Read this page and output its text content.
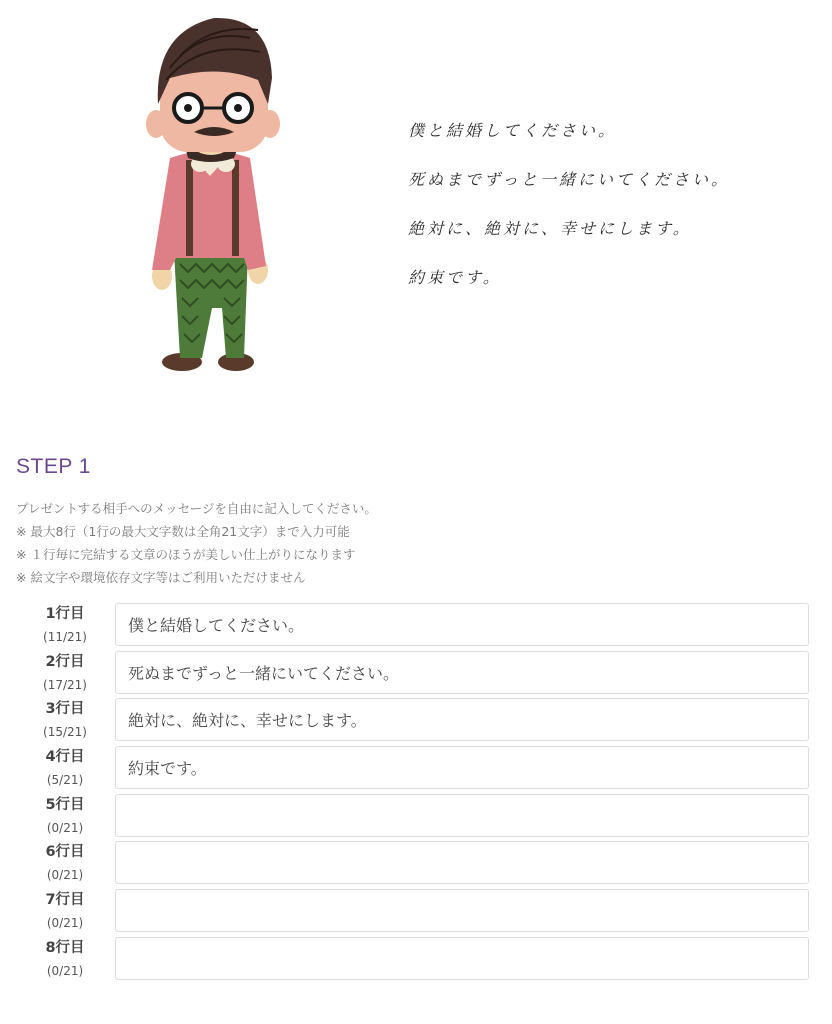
僕と結婚してください。
死ぬまでずっと一緒にいてください。
絶対に、絶対に、幸せにします。
約束です。
STEP 1
プレゼントする相手へのメッセージを自由に記入してください。
※ 最大8行（1行の最大文字数は全角21文字）まで入力可能
※ １行毎に完結する文章のほうが美しい仕上がりになります
※ 絵文字や環境依存文字等はご利用いただけません
1行目
(11/21)
僕と結婚してください。
2行目
(17/21)
死ぬまでずっと一緒にいてください。
3行目
(15/21)
絶対に、絶対に、幸せにします。
4行目
(5/21)
約束です。
5行目
(0/21)
6行目
(0/21)
7行目
(0/21)
8行目
(0/21)
